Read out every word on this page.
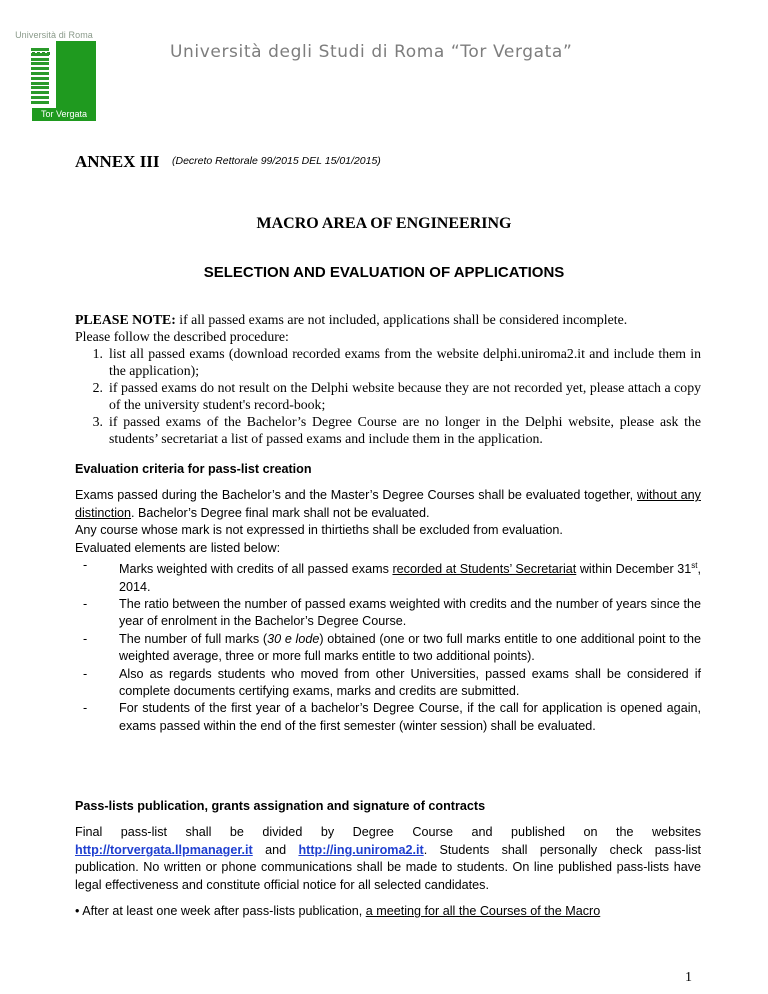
Università di Roma
Tor Vergata
Università degli Studi di Roma “Tor Vergata”
ANNEX III (Decreto Rettorale 99/2015 DEL 15/01/2015)
MACRO AREA OF ENGINEERING
SELECTION AND EVALUATION OF APPLICATIONS
PLEASE NOTE: if all passed exams are not included, applications shall be considered incomplete.
Please follow the described procedure:
1. list all passed exams (download recorded exams from the website delphi.uniroma2.it and include them in the application);
2. if passed exams do not result on the Delphi website because they are not recorded yet, please attach a copy of the university student's record-book;
3. if passed exams of the Bachelor’s Degree Course are no longer in the Delphi website, please ask the students’ secretariat a list of passed exams and include them in the application.
Evaluation criteria for pass-list creation
Exams passed during the Bachelor’s and the Master’s Degree Courses shall be evaluated together, without any distinction. Bachelor’s Degree final mark shall not be evaluated.
Any course whose mark is not expressed in thirtieths shall be excluded from evaluation.
Evaluated elements are listed below:
-	Marks weighted with credits of all passed exams recorded at Students’ Secretariat within December 31st, 2014.
-	The ratio between the number of passed exams weighted with credits and the number of years since the year of enrolment in the Bachelor’s Degree Course.
-	The number of full marks (30 e lode) obtained (one or two full marks entitle to one additional point to the weighted average, three or more full marks entitle to two additional points).
-	Also as regards students who moved from other Universities, passed exams shall be considered if complete documents certifying exams, marks and credits are submitted.
-	For students of the first year of a bachelor’s Degree Course, if the call for application is opened again, exams passed within the end of the first semester (winter session) shall be evaluated.
Pass-lists publication, grants assignation and signature of contracts
Final pass-list shall be divided by Degree Course and published on the websites http://torvergata.llpmanager.it and http://ing.uniroma2.it. Students shall personally check pass-list publication. No written or phone communications shall be made to students. On line published pass-lists have legal effectiveness and constitute official notice for all selected candidates.
• After at least one week after pass-lists publication, a meeting for all the Courses of the Macro
1
